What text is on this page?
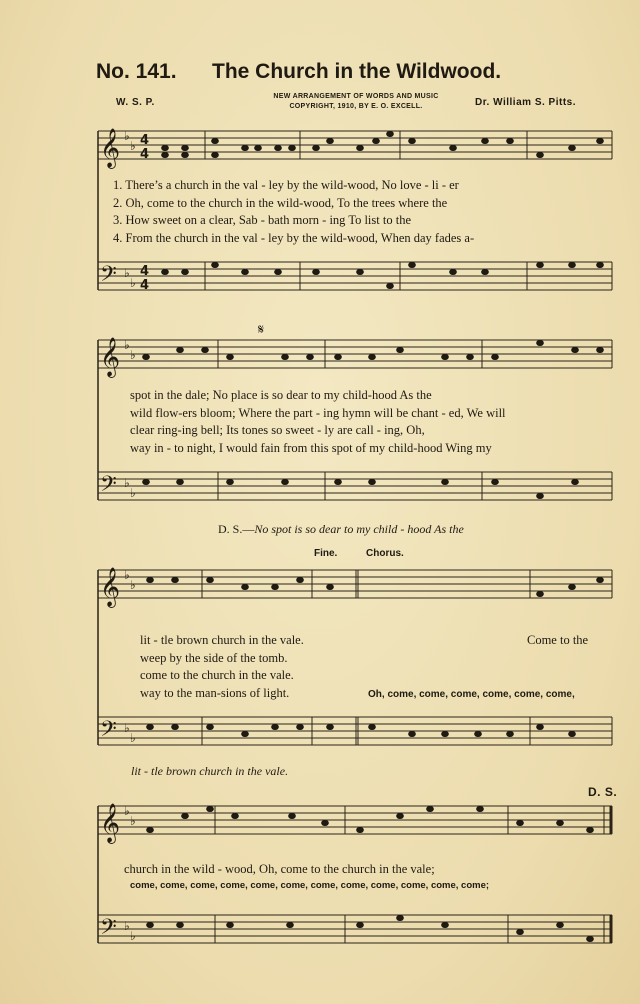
No. 141. The Church in the Wildwood.
W. S. P.
NEW ARRANGEMENT OF WORDS AND MUSIC
COPYRIGHT, 1910, BY E. O. EXCELL.	Dr. William S. Pitts.
𝄞
𝄢
𝄞
𝄢
𝄞
𝄢
𝄞
𝄢
♭
♭
♭
♭
♭
♭
♭
♭
♭
♭
♭
♭
♭
♭
♭
♭
4
4
4
4
𝄋
1. There’s a church in the val - ley by the wild-wood, No love - li - er
2. Oh, come to the church in the wild-wood, To the trees where the
3. How sweet on a clear, Sab - bath morn - ing To list to the
4. From the church in the val - ley by the wild-wood, When day fades a-
spot in the dale; No place is so dear to my child-hood As the
wild flow-ers bloom; Where the part - ing hymn will be chant - ed, We will
clear ring-ing bell; Its tones so sweet - ly are call - ing, Oh,
way in - to night, I would fain from this spot of my child-hood Wing my
D. S.—No spot is so dear to my child - hood As the
Fine.	Chorus.
lit - tle brown church in the vale.
weep by the side of the tomb.
come to the church in the vale.
way to the man-sions of light.
Come to the
Oh, come, come, come, come, come, come,
lit - tle brown church in the vale.
D. S.
church in the wild - wood, Oh, come to the church in the vale;
come, come, come, come, come, come, come, come, come, come, come, come;
